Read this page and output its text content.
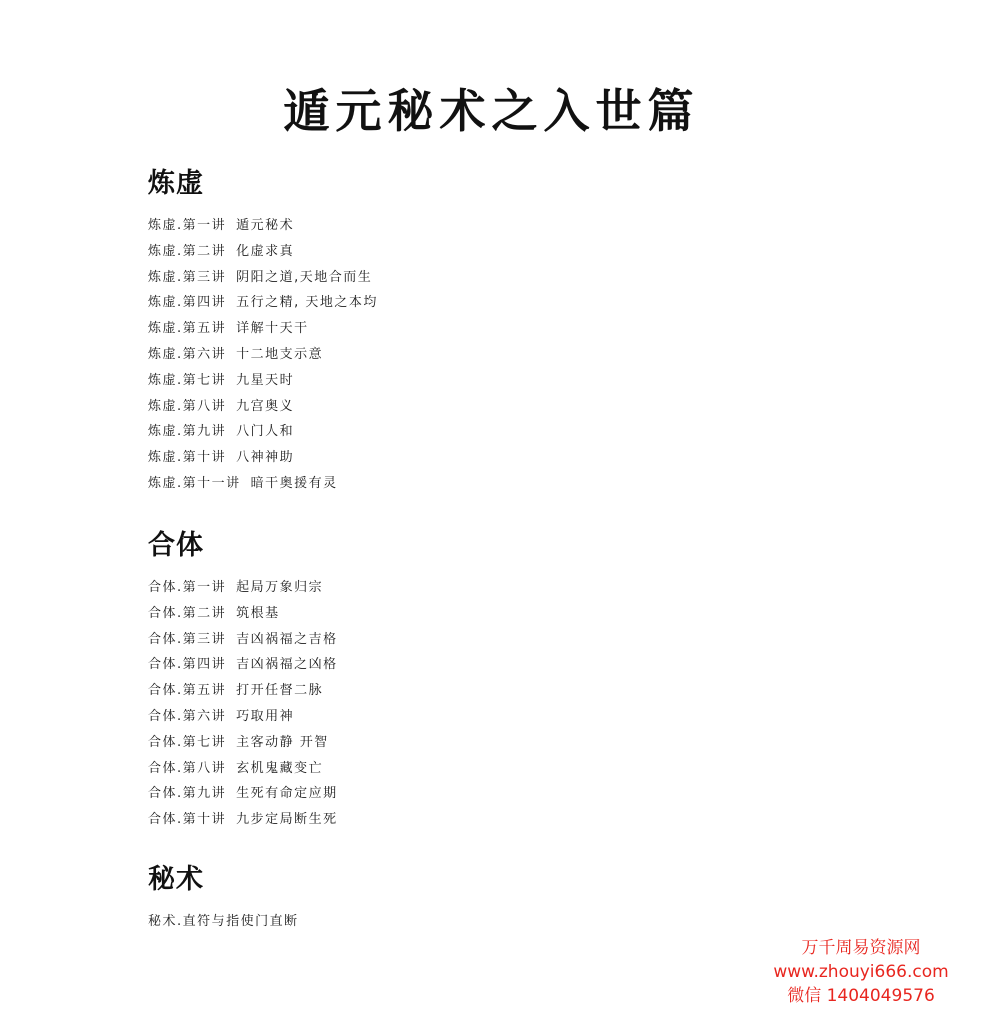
遁元秘术之入世篇
炼虚
炼虚.第一讲 遁元秘术
炼虚.第二讲 化虚求真
炼虚.第三讲 阴阳之道,天地合而生
炼虚.第四讲 五行之精, 天地之本均
炼虚.第五讲 详解十天干
炼虚.第六讲 十二地支示意
炼虚.第七讲 九星天时
炼虚.第八讲 九宫奥义
炼虚.第九讲 八门人和
炼虚.第十讲 八神神助
炼虚.第十一讲 暗干奥援有灵
合体
合体.第一讲 起局万象归宗
合体.第二讲 筑根基
合体.第三讲 吉凶祸福之吉格
合体.第四讲 吉凶祸福之凶格
合体.第五讲 打开任督二脉
合体.第六讲 巧取用神
合体.第七讲 主客动静 开智
合体.第八讲 玄机鬼藏变亡
合体.第九讲 生死有命定应期
合体.第十讲 九步定局断生死
秘术
秘术.直符与指使门直断
万千周易资源网
www.zhouyi666.com
微信 1404049576
